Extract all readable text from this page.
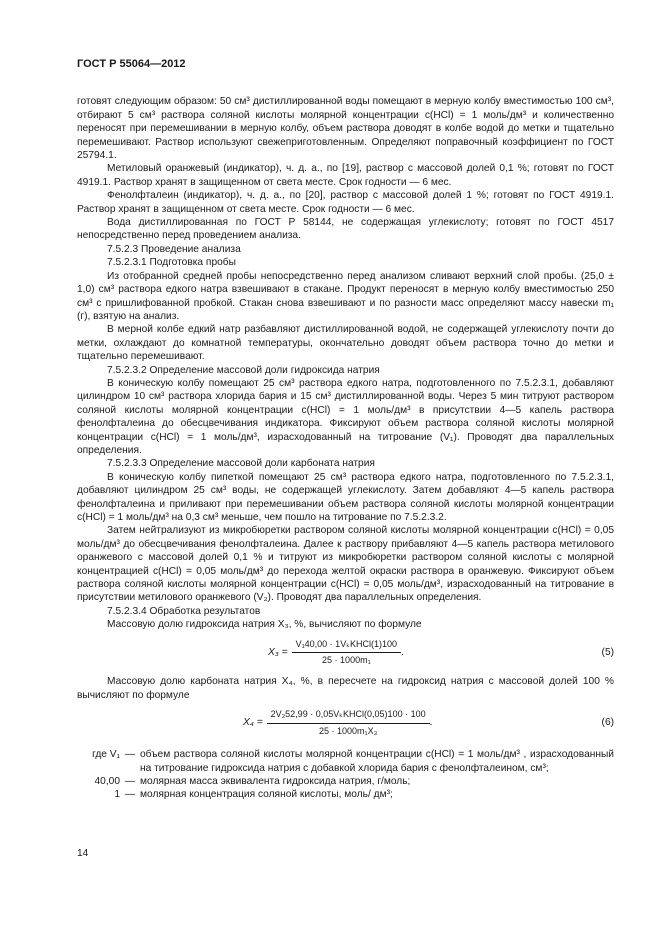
ГОСТ Р 55064—2012

готовят следующим образом: 50 см³ дистиллированной воды помещают в мерную колбу вместимостью 100 см³, отбирают 5 см³ раствора соляной кислоты молярной концентрации c(HCl) = 1 моль/дм³ и количественно переносят при перемешивании в мерную колбу, объем раствора доводят в колбе водой до метки и тщательно перемешивают. Раствор используют свежеприготовленным. Определяют поправочный коэффициент по ГОСТ 25794.1.

Метиловый оранжевый (индикатор), ч. д. а., по [19], раствор с массовой долей 0,1 %; готовят по ГОСТ 4919.1. Раствор хранят в защищенном от света месте. Срок годности — 6 мес.

Фенолфталеин (индикатор), ч. д. а., по [20], раствор с массовой долей 1 %; готовят по ГОСТ 4919.1. Раствор хранят в защищенном от света месте. Срок годности — 6 мес.

Вода дистиллированная по ГОСТ Р 58144, не содержащая углекислоту; готовят по ГОСТ 4517 непосредственно перед проведением анализа.

7.5.2.3 Проведение анализа

7.5.2.3.1 Подготовка пробы

Из отобранной средней пробы непосредственно перед анализом сливают верхний слой пробы. (25,0 ± 1,0) см³ раствора едкого натра взвешивают в стакане. Продукт переносят в мерную колбу вместимостью 250 см³ с пришлифованной пробкой. Стакан снова взвешивают и по разности масс определяют массу навески m₁ (г), взятую на анализ.

В мерной колбе едкий натр разбавляют дистиллированной водой, не содержащей углекислоту почти до метки, охлаждают до комнатной температуры, окончательно доводят объем раствора точно до метки и тщательно перемешивают.

7.5.2.3.2 Определение массовой доли гидроксида натрия

В коническую колбу помещают 25 см³ раствора едкого натра, подготовленного по 7.5.2.3.1, добавляют цилиндром 10 см³ раствора хлорида бария и 15 см³ дистиллированной воды. Через 5 мин титруют раствором соляной кислоты молярной концентрации c(HCl) = 1 моль/дм³ в присутствии 4—5 капель раствора фенолфталеина до обесцвечивания индикатора. Фиксируют объем раствора соляной кислоты молярной концентрации c(HCl) = 1 моль/дм³, израсходованный на титрование (V₁). Проводят два параллельных определения.

7.5.2.3.3 Определение массовой доли карбоната натрия

В коническую колбу пипеткой помещают 25 см³ раствора едкого натра, подготовленного по 7.5.2.3.1, добавляют цилиндром 25 см³ воды, не содержащей углекислоту. Затем добавляют 4—5 капель раствора фенолфталеина и приливают при перемешивании объем раствора соляной кислоты молярной концентрации c(HCl) = 1 моль/дм³ на 0,3 см³ меньше, чем пошло на титрование по 7.5.2.3.2.

Затем нейтрализуют из микробюретки раствором соляной кислоты молярной концентрации c(HCl) = 0,05 моль/дм³ до обесцвечивания фенолфталеина. Далее к раствору прибавляют 4—5 капель раствора метилового оранжевого с массовой долей 0,1 % и титруют из микробюретки раствором соляной кислоты с молярной концентрацией c(HCl) = 0,05 моль/дм³ до перехода желтой окраски раствора в оранжевую. Фиксируют объем раствора соляной кислоты молярной концентрации c(HCl) = 0,05 моль/дм³, израсходованный на титрование в присутствии метилового оранжевого (V₂). Проводят два параллельных определения.

7.5.2.3.4 Обработка результатов

Массовую долю гидроксида натрия X₃, %, вычисляют по формуле

$X_3 = \frac{\text{V₁40,00 · 1VₖKHCl(1)100}}{\text{25 · 1000m₁}}$ .	(5)

Массовую долю карбоната натрия X₄, %, в пересчете на гидроксид натрия с массовой долей 100 % вычисляют по формуле

$X_4 = \frac{\text{2V₂52,99 · 0,05VₖKHCl(0,05)100 · 100}}{\text{25 · 1000m₁X₃}}$ .	(6)
где V₁ — объем раствора соляной кислоты молярной концентрации c(HCl) = 1 моль/дм³ , израсходованный на титрование гидроксида натрия с добавкой хлорида бария с фенолфталеином, см³;
40,00 — молярная масса эквивалента гидроксида натрия, г/моль;
1 — молярная концентрация соляной кислоты, моль/ дм³;
14
